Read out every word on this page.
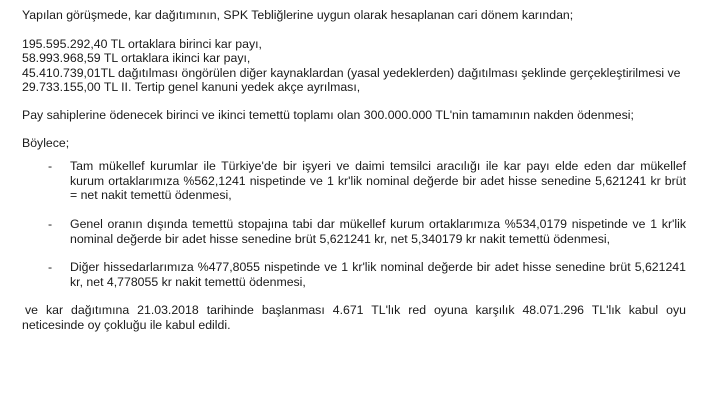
Yapılan görüşmede, kar dağıtımının, SPK Tebliğlerine uygun olarak hesaplanan cari dönem karından;

195.595.292,40 TL ortaklara birinci kar payı,

58.993.968,59 TL ortaklara ikinci kar payı,

45.410.739,01TL dağıtılması öngörülen diğer kaynaklardan (yasal yedeklerden) dağıtılması şeklinde gerçekleştirilmesi ve

29.733.155,00 TL II. Tertip genel kanuni yedek akçe ayrılması,

Pay sahiplerine ödenecek birinci ve ikinci temettü toplamı olan 300.000.000 TL'nin tamamının nakden ödenmesi;

Böylece;

- Tam mükellef kurumlar ile Türkiye'de bir işyeri ve daimi temsilci aracılığı ile kar payı elde eden dar mükellef kurum ortaklarımıza %562,1241 nispetinde ve 1 kr'lik nominal değerde bir adet hisse senedine 5,621241 kr brüt = net nakit temettü ödenmesi,
- Genel oranın dışında temettü stopajına tabi dar mükellef kurum ortaklarımıza %534,0179 nispetinde ve 1 kr'lik nominal değerde bir adet hisse senedine brüt 5,621241 kr, net 5,340179 kr nakit temettü ödenmesi,
- Diğer hissedarlarımıza %477,8055 nispetinde ve 1 kr'lik nominal değerde bir adet hisse senedine brüt 5,621241 kr, net 4,778055 kr nakit temettü ödenmesi,

ve kar dağıtımına 21.03.2018 tarihinde başlanması 4.671 TL'lık red oyuna karşılık 48.071.296 TL'lık kabul oyu neticesinde oy çokluğu ile kabul edildi.
